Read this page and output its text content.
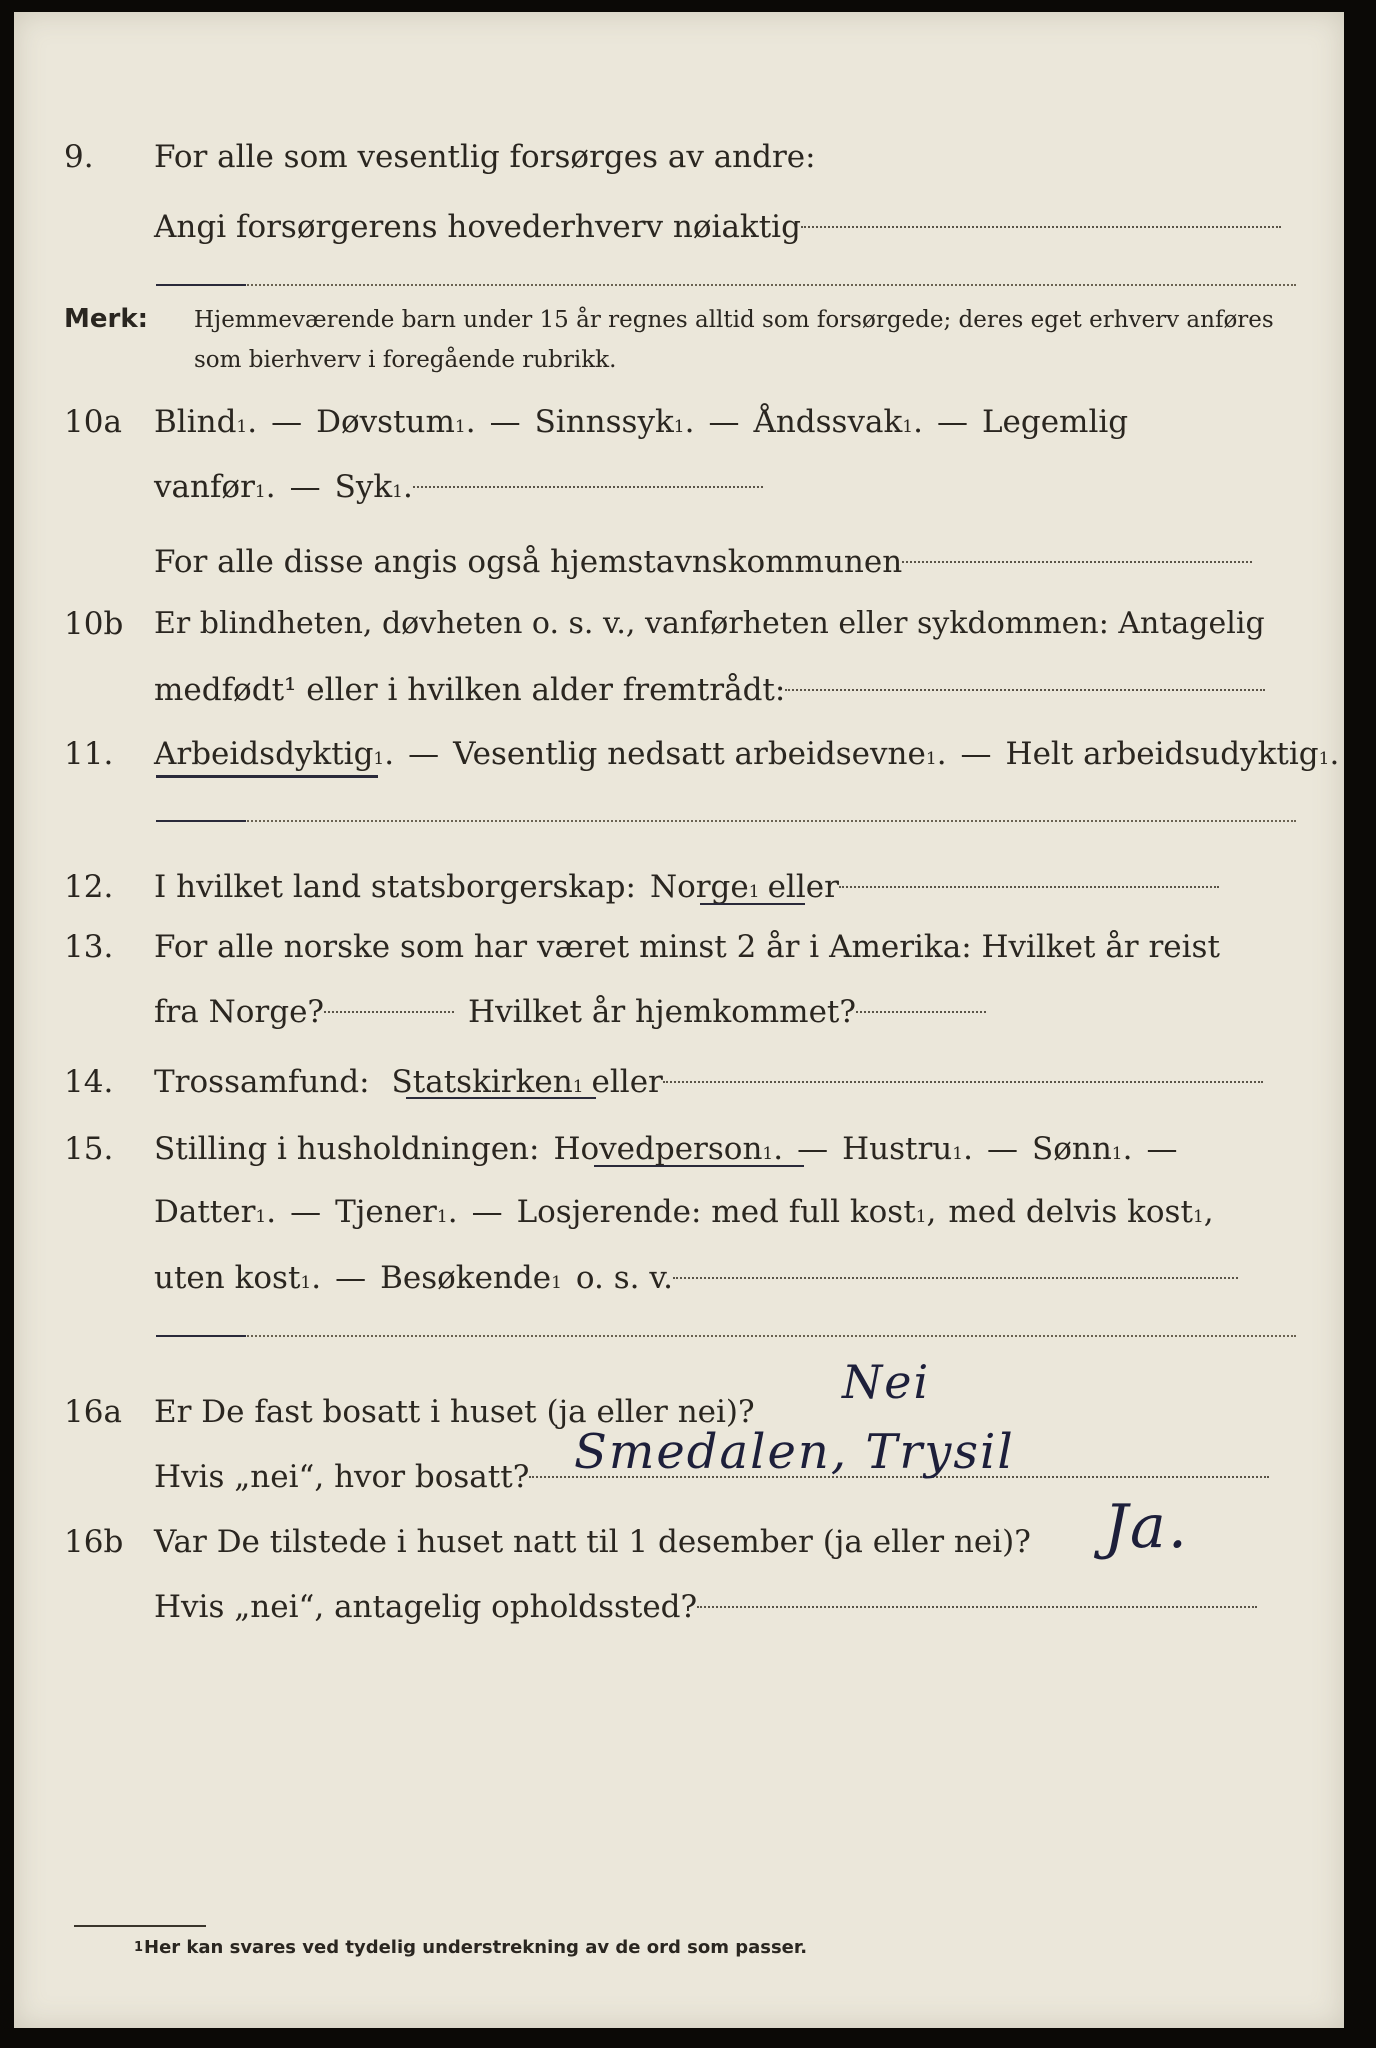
9.	For alle som vesentlig forsørges av andre:
Angi forsørgerens hovederhverv nøiaktig
Merk: Hjemmeværende barn under 15 år regnes alltid som forsørgede; deres eget erhverv anføres som bierhverv i foregående rubrikk.
10a	Blind 1 . — Døvstum 1 . — Sinnssyk 1 . — Åndssvak 1 . — Legemlig
vanfør 1 . — Syk 1 .
For alle disse angis også hjemstavnskommunen
10b	Er blindheten, døvheten o. s. v., vanførheten eller sykdommen: Antagelig
medfødt¹ eller i hvilken alder fremtrådt:
11.	Arbeidsdyktig 1 . — Vesentlig nedsatt arbeidsevne 1 . — Helt arbeidsudyktig 1 .
12.	I hvilket land statsborgerskap: Norge 1 eller
13.	For alle norske som har været minst 2 år i Amerika: Hvilket år reist
fra Norge?	Hvilket år hjemkommet?
14.	Trossamfund: Statskirken 1 eller
15.	Stilling i husholdningen: Hovedperson 1 . — Hustru 1 . — Sønn 1 . —
Datter 1 . — Tjener 1 . — Losjerende: med full kost 1 , med delvis kost 1 ,
uten kost 1 . — Besøkende 1 o. s. v.
16a	Er De fast bosatt i huset (ja eller nei)?
Nei
Hvis „nei“, hvor bosatt? Smedalen, Trysil
16b Var De tilstede i huset natt til 1 desember (ja eller nei)? Ja.
Hvis „nei“, antagelig opholdssted?
1 Her kan svares ved tydelig understrekning av de ord som passer.
